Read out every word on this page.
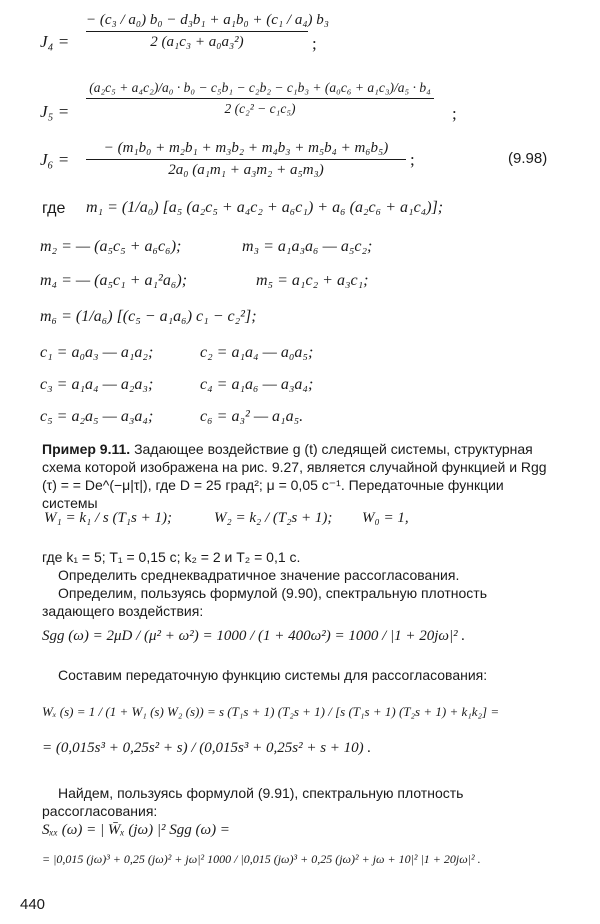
J₄ =
− (c₃ / a₀) b₀ − d₃b₁ + a₁b₀ + (c₁ / a₄) b₃
2 (a₁c₃ + a₀a₃²)	;
J₅ =
(a₂c₅ + a₄c₂)/a₀ · b₀ − c₅b₁ − c₂b₂ − c₁b₃ + (a₀c₆ + a₁c₃)/a₅ · b₄
2 (c₂² − c₁c₅)	;
J₆ =
− (m₁b₀ + m₂b₁ + m₃b₂ + m₄b₃ + m₅b₄ + m₆b₅)
2a₀ (a₁m₁ + a₃m₂ + a₅m₃)
;	(9.98)
где m₁ = (1/a₀) [a₅ (a₂c₅ + a₄c₂ + a₆c₁) + a₆ (a₂c₆ + a₁c₄)];
m₂ = — (a₅c₅ + a₆c₆);	m₃ = a₁a₃a₆ — a₅c₂;
m₄ = — (a₅c₁ + a₁²a₆);	m₅ = a₁c₂ + a₃c₁;
m₆ = (1/a₆) [(c₅ − a₁a₆) c₁ − c₂²];
c₁ = a₀a₃ — a₁a₂;	c₂ = a₁a₄ — a₀a₅;
c₃ = a₁a₄ — a₂a₃;	c₄ = a₁a₆ — a₃a₄;
c₅ = a₂a₅ — a₃a₄;	c₆ = a₃² — a₁a₅.
Пример 9.11. Задающее воздействие g (t) следящей системы, структурная схема которой изображена на рис. 9.27, является случайной функцией и Rgg (τ) = = De^(−μ|τ|), где D = 25 град²; μ = 0,05 с⁻¹. Передаточные функции системы
W₁ = k₁ / s (T₁s + 1);	W₂ = k₂ / (T₂s + 1); W₀ = 1,
где k₁ = 5; T₁ = 0,15 с; k₂ = 2 и T₂ = 0,1 с.
Определить среднеквадратичное значение рассогласования.
Определим, пользуясь формулой (9.90), спектральную плотность задающего воздействия:
Sgg (ω) = 2μD / (μ² + ω²) = 1000 / (1 + 400ω²) = 1000 / |1 + 20jω|² .
Составим передаточную функцию системы для рассогласования:
Wₓ (s) = 1 / (1 + W₁ (s) W₂ (s)) = s (T₁s + 1) (T₂s + 1) / [s (T₁s + 1) (T₂s + 1) + k₁k₂] =
= (0,015s³ + 0,25s² + s) / (0,015s³ + 0,25s² + s + 10) .
Найдем, пользуясь формулой (9.91), спектральную плотность рассогласования:
Sₓₓ (ω) = | W̄ₓ (jω) |² Sgg (ω) =
= |0,015 (jω)³ + 0,25 (jω)² + jω|² 1000 / |0,015 (jω)³ + 0,25 (jω)² + jω + 10|² |1 + 20jω|² .
440
